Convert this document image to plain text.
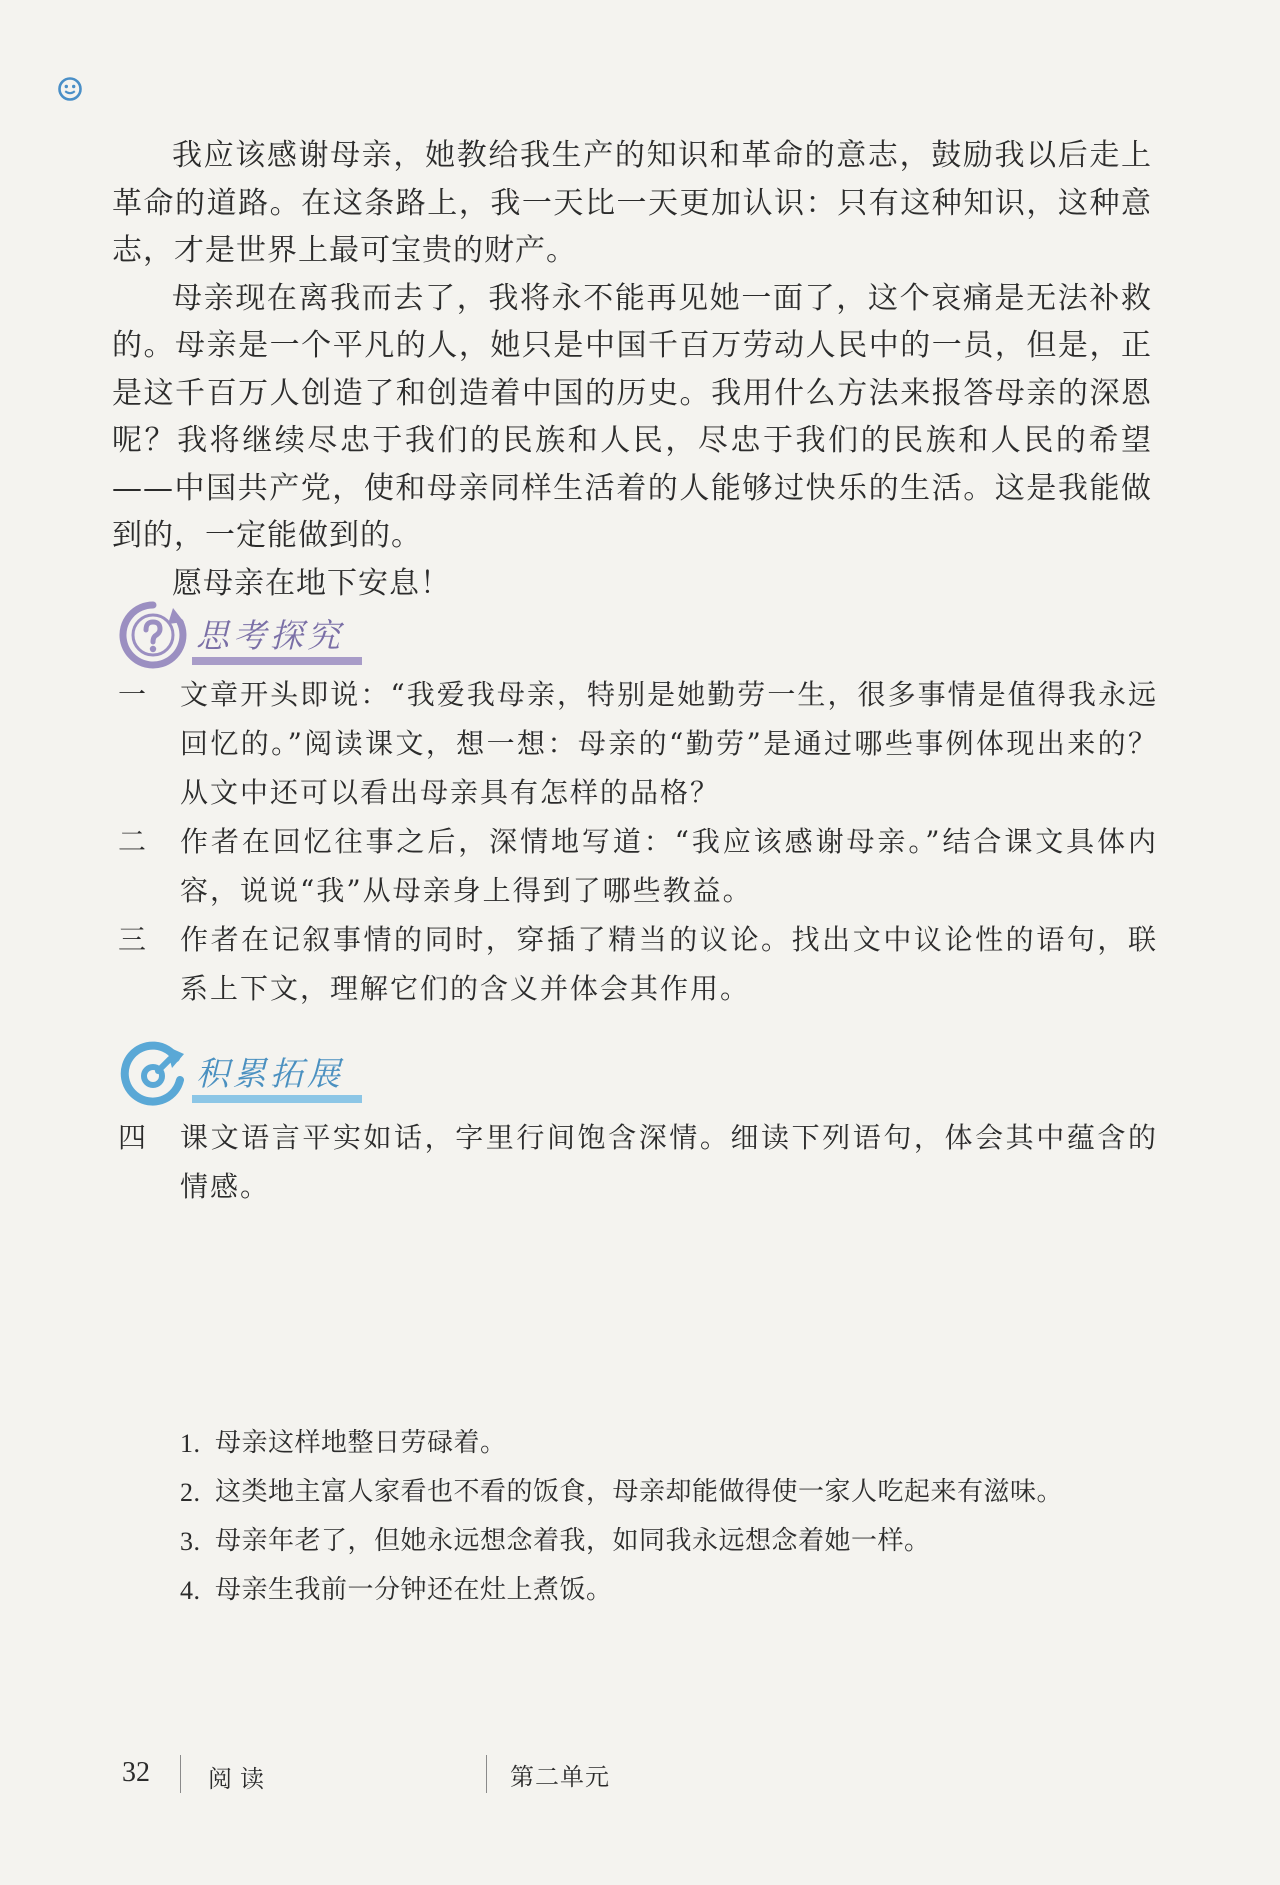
我应该感谢母亲，她教给我生产的知识和革命的意志，鼓励我以后走上革命的道路。在这条路上，我一天比一天更加认识：只有这种知识，这种意志，才是世界上最可宝贵的财产。

母亲现在离我而去了，我将永不能再见她一面了，这个哀痛是无法补救的。母亲是一个平凡的人，她只是中国千百万劳动人民中的一员，但是，正是这千百万人创造了和创造着中国的历史。我用什么方法来报答母亲的深恩呢？我将继续尽忠于我们的民族和人民，尽忠于我们的民族和人民的希望——中国共产党，使和母亲同样生活着的人能够过快乐的生活。这是我能做到的，一定能做到的。

愿母亲在地下安息！

思考探究
一	文章开头即说：“我爱我母亲，特别是她勤劳一生，很多事情是值得我永远回忆的。”阅读课文，想一想：母亲的“勤劳”是通过哪些事例体现出来的？从文中还可以看出母亲具有怎样的品格？
二	作者在回忆往事之后，深情地写道：“我应该感谢母亲。”结合课文具体内容，说说“我”从母亲身上得到了哪些教益。
三	作者在记叙事情的同时，穿插了精当的议论。找出文中议论性的语句，联系上下文，理解它们的含义并体会其作用。
积累拓展
四	课文语言平实如话，字里行间饱含深情。细读下列语句，体会其中蕴含的情感。
1. 母亲这样地整日劳碌着。
2. 这类地主富人家看也不看的饭食，母亲却能做得使一家人吃起来有滋味。
3. 母亲年老了，但她永远想念着我，如同我永远想念着她一样。
4. 母亲生我前一分钟还在灶上煮饭。
32 阅读	第二单元
